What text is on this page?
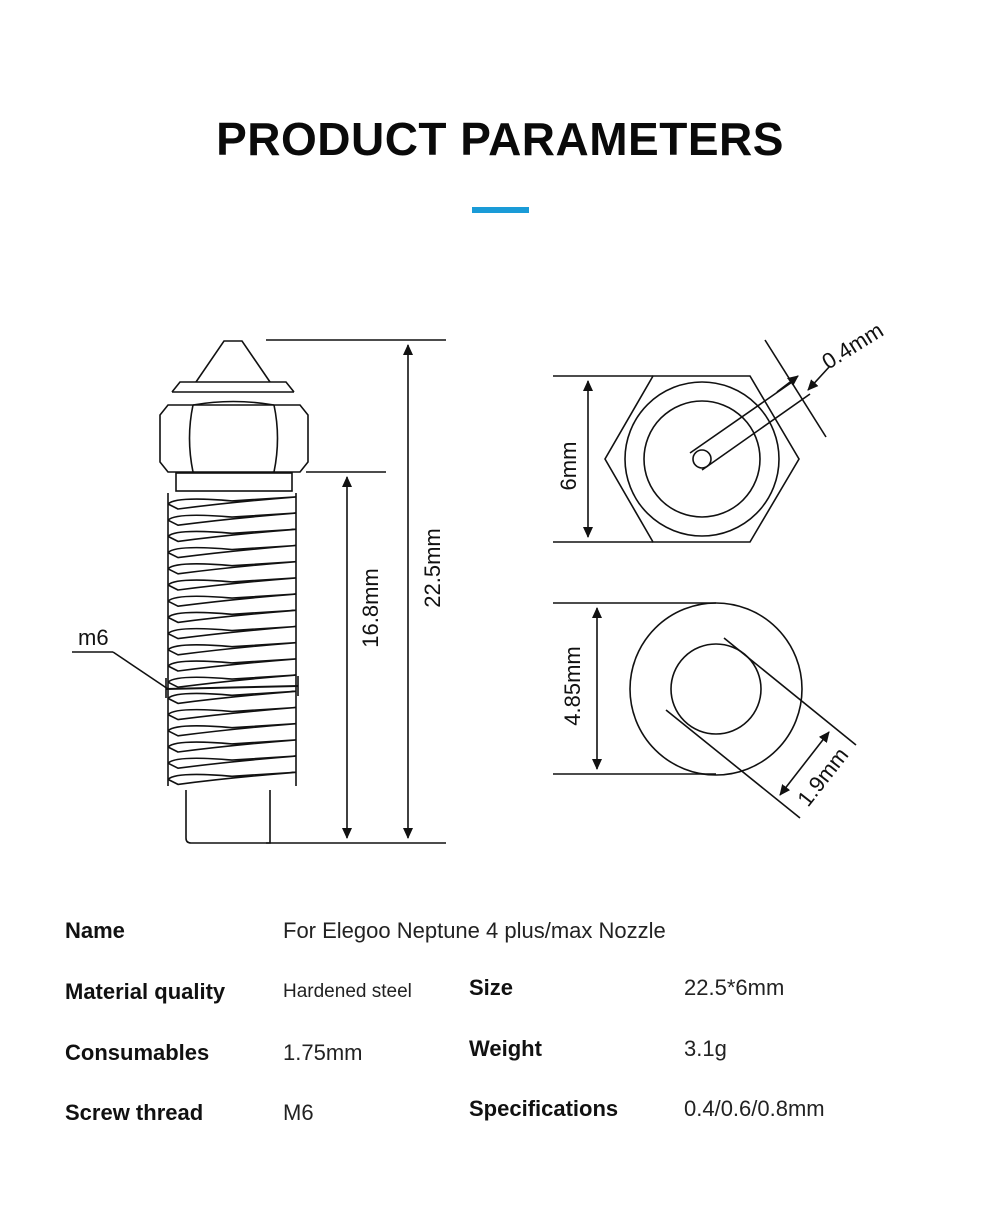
PRODUCT PARAMETERS
m6
22.5mm
16.8mm
6mm
0.4mm
4.85mm
1.9mm
Name	For Elegoo Neptune 4 plus/max Nozzle
Material quality	Hardened steel
Consumables	1.75mm
Screw thread	M6
Size	22.5*6mm
Weight	3.1g
Specifications	0.4/0.6/0.8mm
